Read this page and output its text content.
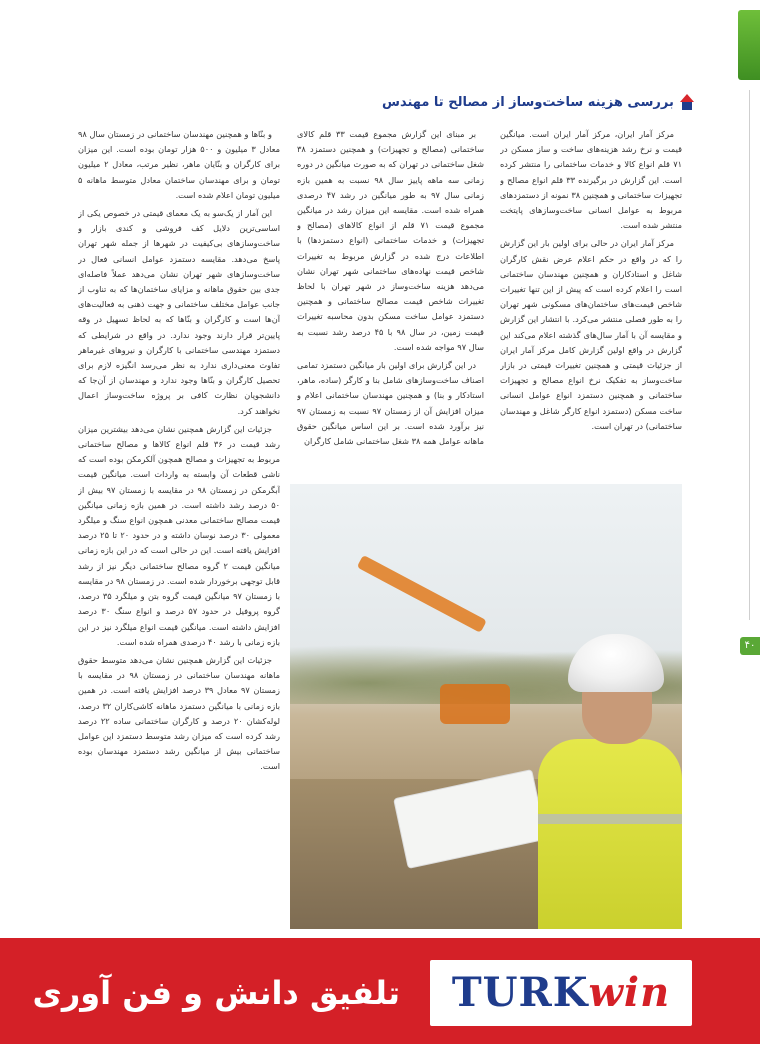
۴۰
بررسی هزینه ساخت‌وساز از مصالح تا مهندس

مرکز آمار ایران، مرکز آمار ایران است. میانگین قیمت و نرخ رشد هزینه‌های ساخت و ساز مسکن در ۷۱ قلم انواع کالا و خدمات ساختمانی را منتشر کرده است. این گزارش در برگیرنده ۳۳ قلم انواع مصالح و تجهیزات ساختمانی و همچنین ۳۸ نمونه از دستمزدهای مربوط به عوامل انسانی ساخت‌وسازهای پایتخت منتشر شده است.

مرکز آمار ایران در حالی برای اولین بار این گزارش را که در واقع در حکم اعلام عرض نقش کارگران شاغل و استادکاران و همچنین مهندسان ساختمانی است را اعلام کرده است که پیش از این تنها تغییرات شاخص قیمت‌های ساختمان‌های مسکونی شهر تهران را به طور فصلی منتشر می‌کرد. با انتشار این گزارش و مقایسه آن با آمار سال‌های گذشته اعلام می‌کند این گزارش در واقع اولین گزارش کامل مرکز آمار ایران از جزئیات قیمتی و همچنین تغییرات قیمتی در بازار ساخت‌وساز به تفکیک نرخ انواع مصالح و تجهیزات ساختمانی و همچنین دستمزد انواع عوامل انسانی ساخت مسکن (دستمزد انواع کارگر شاغل و مهندسان ساختمانی) در تهران است.

بر مبنای این گزارش مجموع قیمت ۳۳ قلم کالای ساختمانی (مصالح و تجهیزات) و همچنین دستمزد ۳۸ شغل ساختمانی در تهران که به صورت میانگین در دوره زمانی سه ماهه پاییز سال ۹۸ نسبت به همین بازه زمانی سال ۹۷ به طور میانگین در رشد ۴۷ درصدی همراه شده است. مقایسه این میزان رشد در میانگین مجموع قیمت ۷۱ قلم از انواع کالاهای (مصالح و تجهیزات) و خدمات ساختمانی (انواع دستمزدها) با اطلاعات درج شده در گزارش مربوط به تغییرات شاخص قیمت نهاده‌های ساختمانی شهر تهران نشان می‌دهد هزینه ساخت‌وساز در شهر تهران با لحاظ تغییرات شاخص قیمت مصالح ساختمانی و همچنین دستمزد عوامل ساخت مسکن بدون محاسبه تغییرات قیمت زمین، در سال ۹۸ با ۴۵ درصد رشد نسبت به سال ۹۷ مواجه شده است.

در این گزارش برای اولین بار میانگین دستمزد تمامی اصناف ساخت‌وسازهای شامل بنا و کارگر (ساده، ماهر، استادکار و بنا) و همچنین مهندسان ساختمانی اعلام و میزان افزایش آن از زمستان ۹۷ نسبت به زمستان ۹۷ نیز برآورد شده است. بر این اساس میانگین حقوق ماهانه عوامل همه ۳۸ شغل ساختمانی شامل کارگران

و بنّاها و همچنین مهندسان ساختمانی در زمستان سال ۹۸ معادل ۳ میلیون و ۵۰۰ هزار تومان بوده است. این میزان برای کارگران و بنّایان ماهر، نظیر مرتب، معادل ۲ میلیون تومان و برای مهندسان ساختمان معادل متوسط ماهانه ۵ میلیون تومان اعلام شده است.

این آمار از یک‌سو به یک معمای قیمتی در خصوص یکی از اساسی‌ترین دلایل کف فروشی و کندی بازار و ساخت‌وسازهای بی‌کیفیت در شهرها از جمله شهر تهران پاسخ می‌دهد. مقایسه دستمزد عوامل انسانی فعال در ساخت‌وسازهای شهر تهران نشان می‌دهد عملاً فاصله‌ای جدی بین حقوق ماهانه و مزایای ساختمان‌ها که به تناوب از جانب عوامل مختلف ساختمانی و جهت ذهنی به فعالیت‌های آن‌ها است و کارگران و بنّاها که به لحاظ تسهیل در وقه پایین‌تر قرار دارند وجود ندارد. در واقع در شرایطی که دستمزد مهندسی ساختمانی با کارگران و نیروهای غیرماهر تفاوت معنی‌داری ندارد به نظر می‌رسد انگیزه لازم برای تحصیل کارگران و بنّاها وجود ندارد و مهندسان از آن‌جا که دانشجویان نظارت کافی بر پروژه ساخت‌وساز اعمال نخواهند کرد.

جزئیات این گزارش همچنین نشان می‌دهد بیشترین میزان رشد قیمت در ۳۶ قلم انواع کالاها و مصالح ساختمانی مربوط به تجهیزات و مصالح همچون آلکرمکن بوده است که ناشی قطعات آن وابسته به واردات است. میانگین قیمت آبگرمکن در زمستان ۹۸ در مقایسه با زمستان ۹۷ بیش از ۵۰ درصد رشد داشته است. در همین بازه زمانی میانگین قیمت مصالح ساختمانی معدنی همچون انواع سنگ و میلگرد معمولی ۳۰ درصد نوسان داشته و در حدود ۲۰ تا ۲۵ درصد افزایش یافته است. این در حالی است که در این بازه زمانی میانگین قیمت ۲ گروه مصالح ساختمانی دیگر نیز از رشد قابل توجهی برخوردار شده است. در زمستان ۹۸ در مقایسه با زمستان ۹۷ میانگین قیمت گروه بتن و میلگرد ۳۵ درصد، گروه پروفیل در حدود ۵۷ درصد و انواع سنگ ۳۰ درصد افزایش داشته است. میانگین قیمت انواع میلگرد نیز در این بازه زمانی با رشد ۴۰ درصدی همراه شده است.

جزئیات این گزارش همچنین نشان می‌دهد متوسط حقوق ماهانه مهندسان ساختمانی در زمستان ۹۸ در مقایسه با زمستان ۹۷ معادل ۳۹ درصد افزایش یافته است. در همین بازه زمانی با میانگین دستمزد ماهانه کاشی‌کاران ۳۲ درصد، لوله‌کشان ۲۰ درصد و کارگران ساختمانی ساده ۲۲ درصد رشد کرده است که میزان رشد متوسط دستمزد این عوامل ساختمانی بیش از میانگین رشد دستمزد مهندسان بوده است.

TURKwin
تلفیق دانش و فن آوری
